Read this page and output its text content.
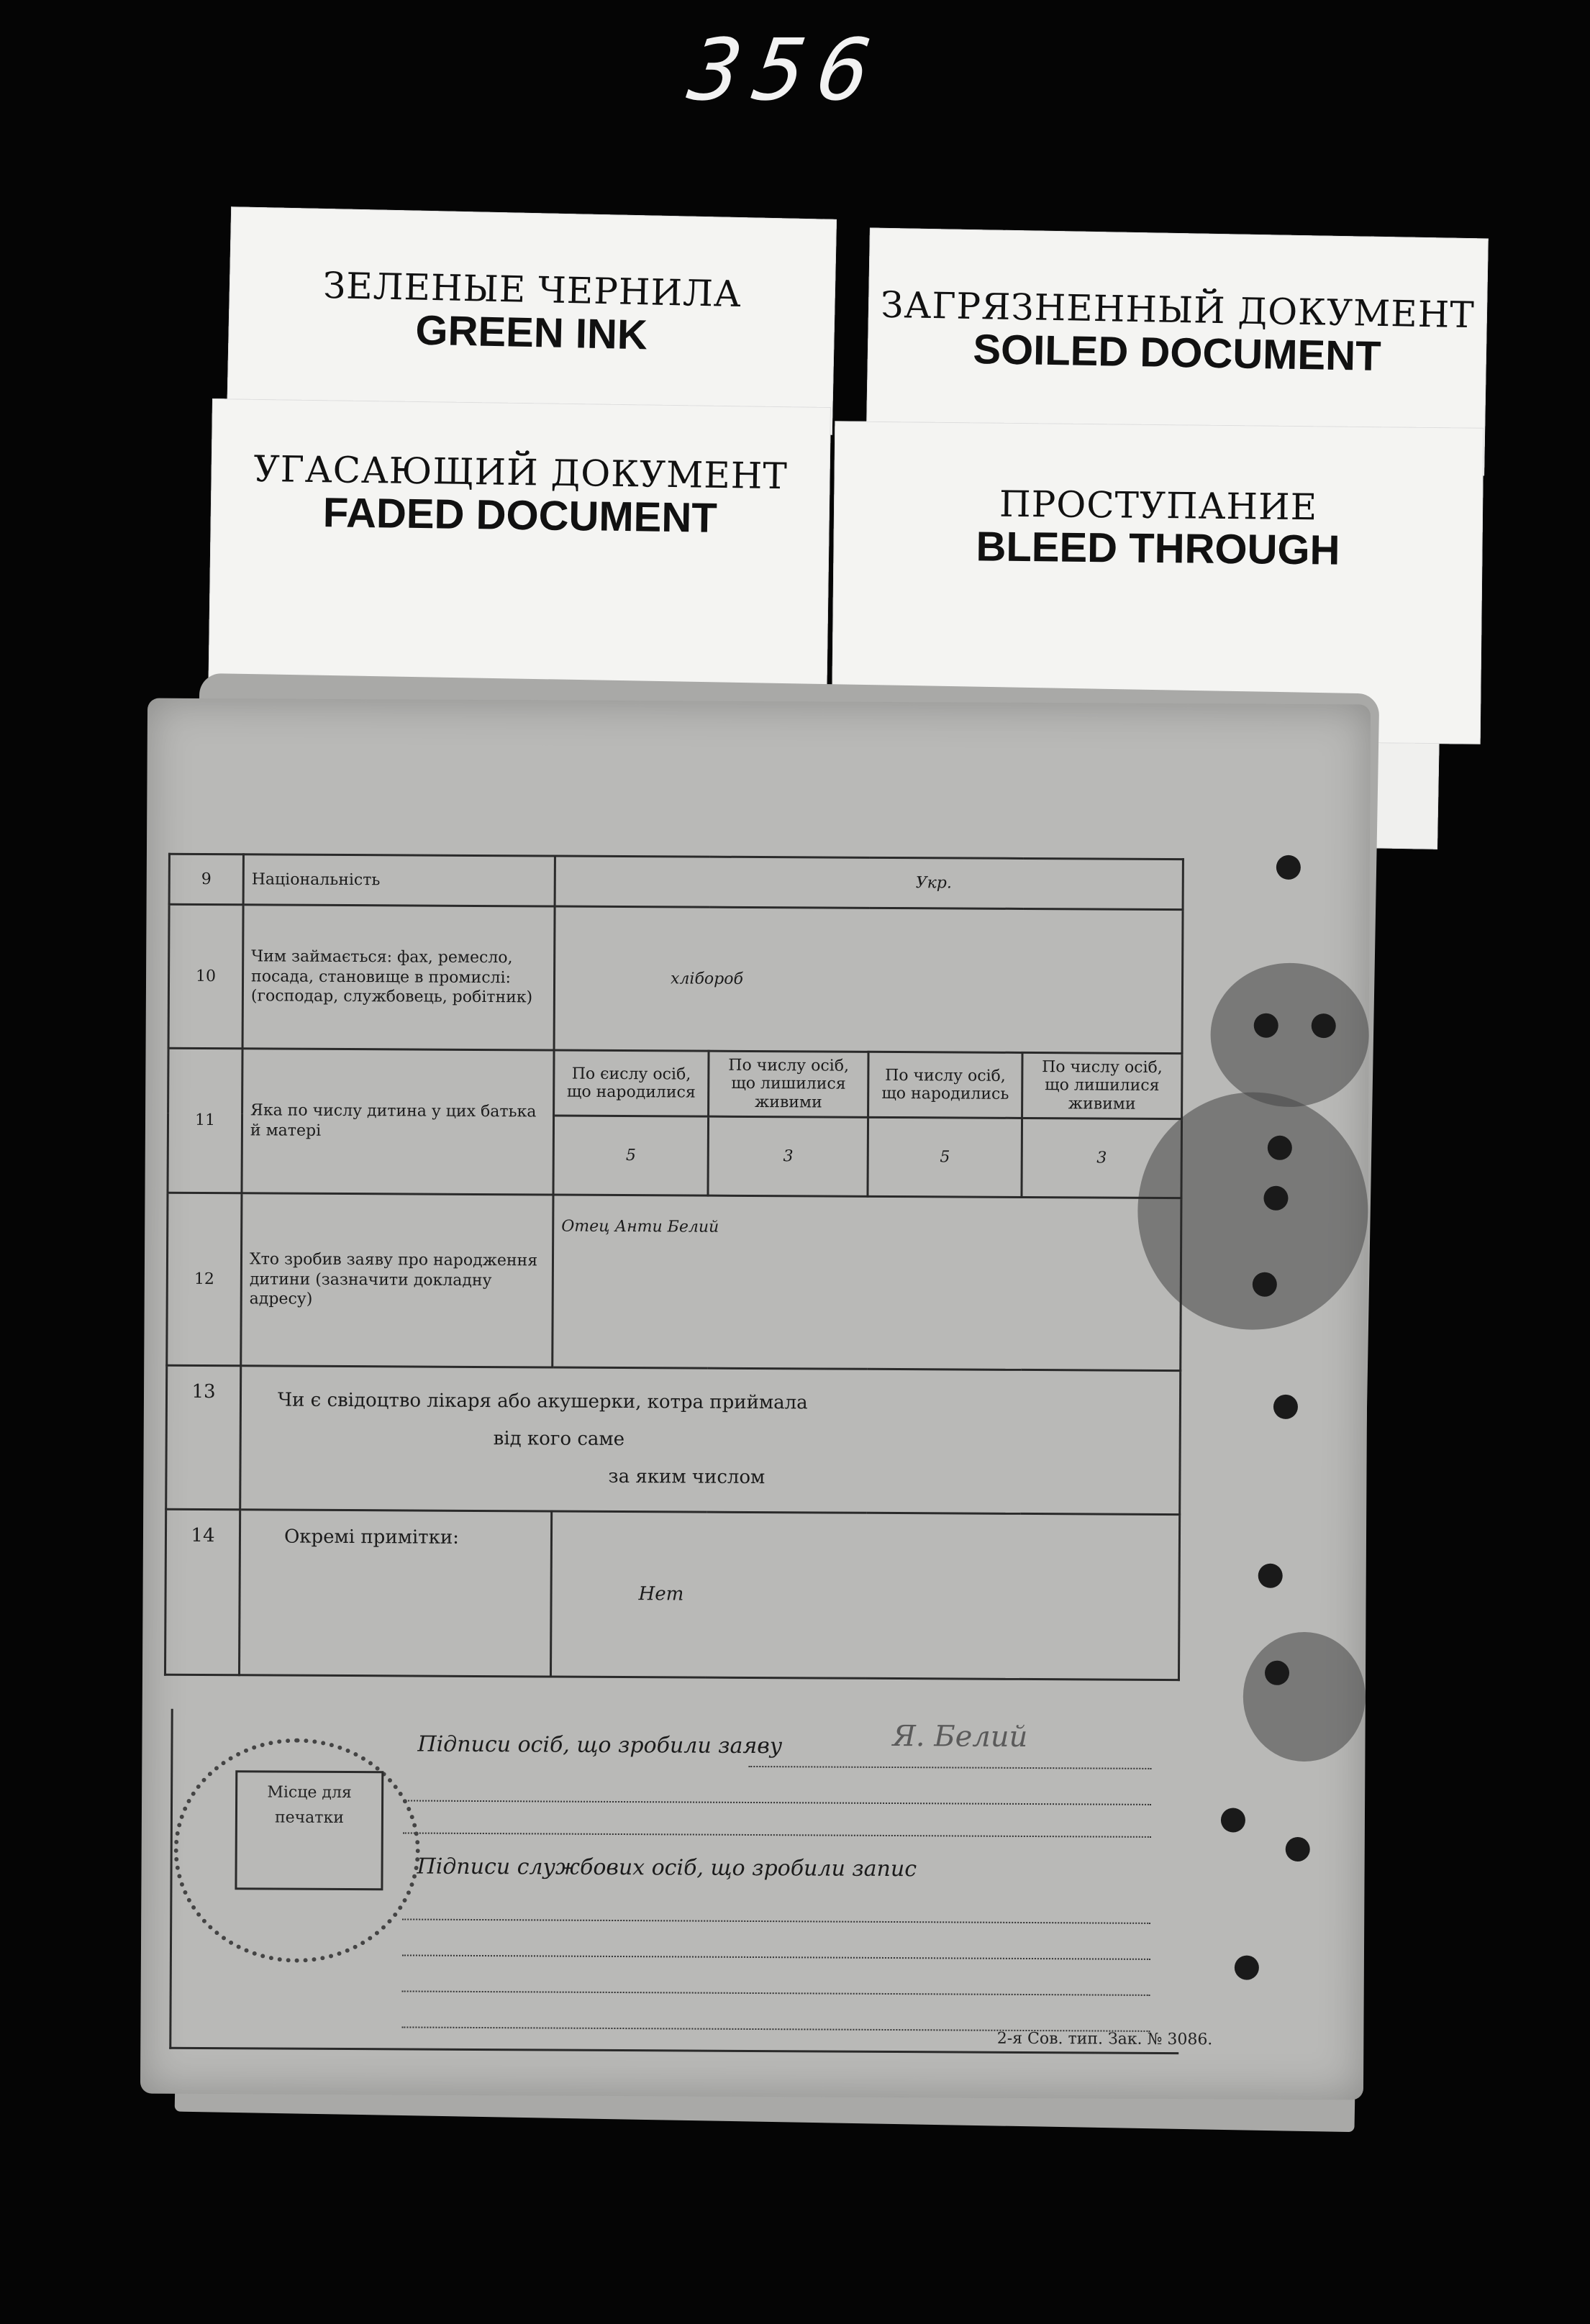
356
ЗЕЛЕНЫЕ ЧЕРНИЛА
GREEN INK	ЗАГРЯЗНЕННЫЙ ДОКУМЕНТ
SOILED DOCUMENT
УГАСАЮЩИЙ ДОКУМЕНТ
FADED DOCUMENT	ПРОСТУПАНИЕ
BLEED THROUGH
9	Національність	Укр.			
10	Чим займається: фах, ремесло, посада, становище в промислі: (господар, службовець, робітник)	хлібороб			
11	Яка по числу дитина у цих батька й матері	По єислу осіб, що народилися	По числу осіб, що лишилися живими	По числу осіб, що народились	По числу осіб, що лишилися живими
		5	3	5	3
12	Хто зробив заяву про народження дитини (зазначити докладну адресу)	Отец Анти Белий			
13	Чи є свідоцтво лікаря або акушерки, котра приймала
від кого саме
за яким числом				

14	Окремі примітки:	Нет			
Підписи осіб, що зробили заяву	Я. Белий
Підписи службових осіб, що зробили запис
Місце для
печатки
2-я Сов. тип. Зак. № 3086.
